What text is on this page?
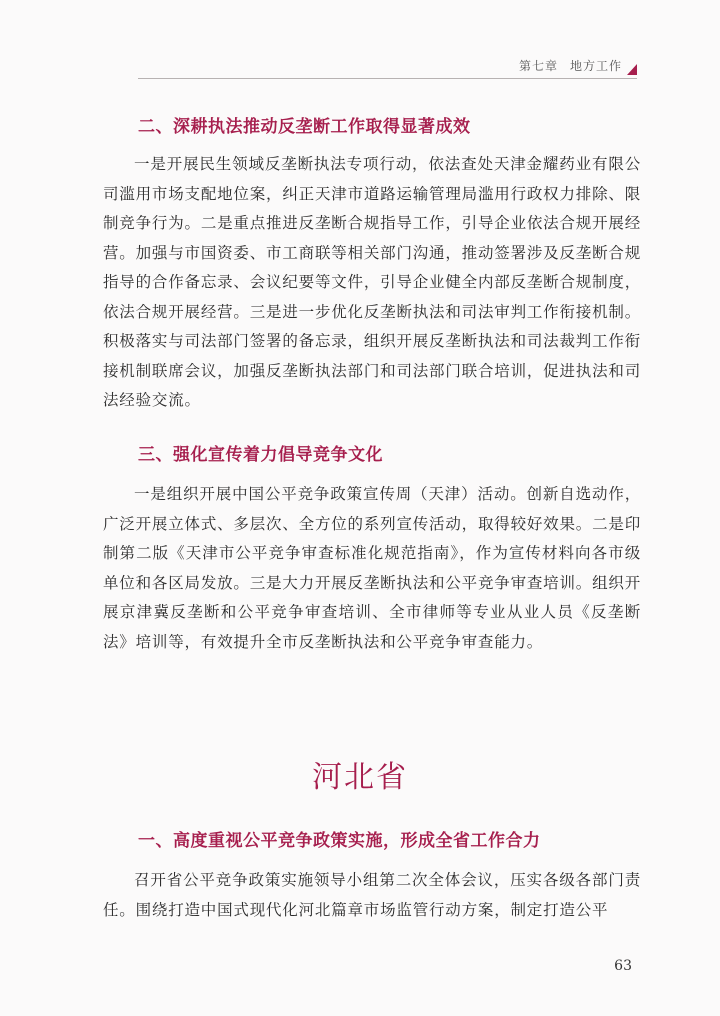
第七章 地方工作
二、深耕执法推动反垄断工作取得显著成效
一是开展民生领域反垄断执法专项行动，依法查处天津金耀药业有限公司滥用市场支配地位案，纠正天津市道路运输管理局滥用行政权力排除、限制竞争行为。二是重点推进反垄断合规指导工作，引导企业依法合规开展经营。加强与市国资委、市工商联等相关部门沟通，推动签署涉及反垄断合规指导的合作备忘录、会议纪要等文件，引导企业健全内部反垄断合规制度，依法合规开展经营。三是进一步优化反垄断执法和司法审判工作衔接机制。积极落实与司法部门签署的备忘录，组织开展反垄断执法和司法裁判工作衔接机制联席会议，加强反垄断执法部门和司法部门联合培训，促进执法和司法经验交流。
三、强化宣传着力倡导竞争文化
一是组织开展中国公平竞争政策宣传周（天津）活动。创新自选动作，广泛开展立体式、多层次、全方位的系列宣传活动，取得较好效果。二是印制第二版《天津市公平竞争审查标准化规范指南》，作为宣传材料向各市级单位和各区局发放。三是大力开展反垄断执法和公平竞争审查培训。组织开展京津冀反垄断和公平竞争审查培训、全市律师等专业从业人员《反垄断法》培训等，有效提升全市反垄断执法和公平竞争审查能力。
河北省
一、高度重视公平竞争政策实施，形成全省工作合力
召开省公平竞争政策实施领导小组第二次全体会议，压实各级各部门责任。围绕打造中国式现代化河北篇章市场监管行动方案，制定打造公平
63
